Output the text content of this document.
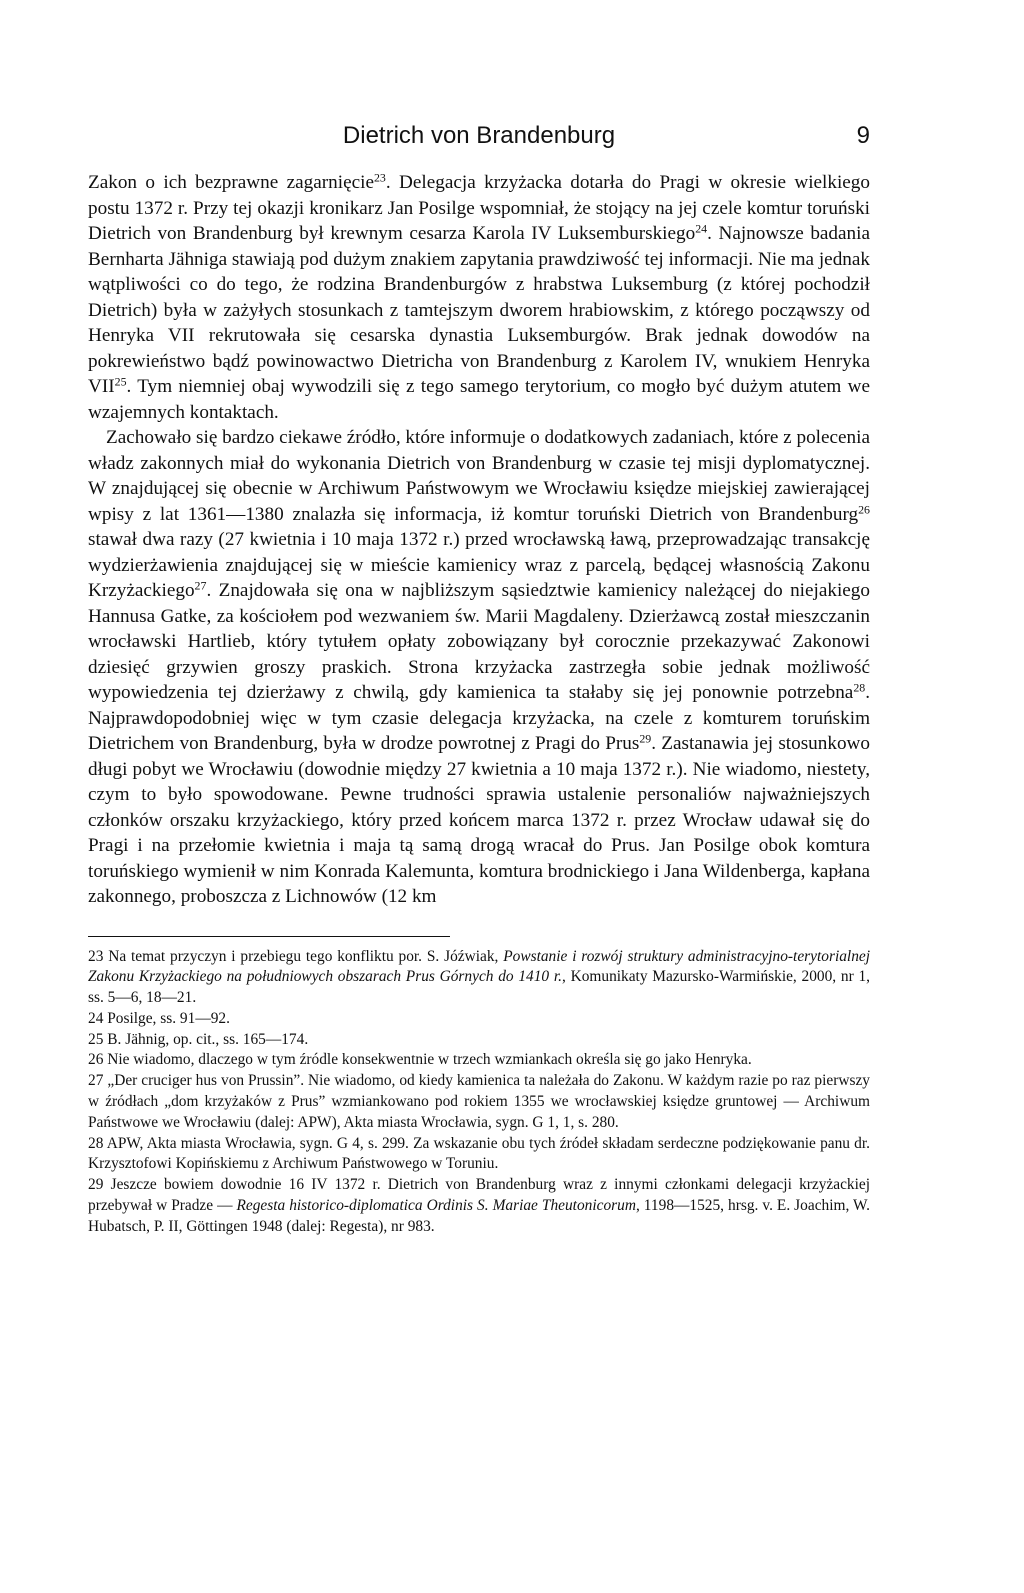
Dietrich von Brandenburg	9

Zakon o ich bezprawne zagarnięcie$^{23}$. Delegacja krzyżacka dotarła do Pragi w okresie wielkiego postu 1372 r. Przy tej okazji kronikarz Jan Posilge wspomniał, że stojący na jej czele komtur toruński Dietrich von Brandenburg był krewnym cesarza Karola IV Luksemburskiego$^{24}$. Najnowsze badania Bernharta Jähniga stawiają pod dużym znakiem zapytania prawdziwość tej informacji. Nie ma jednak wątpliwości co do tego, że rodzina Brandenburgów z hrabstwa Luksemburg (z której pochodził Dietrich) była w zażyłych stosunkach z tamtejszym dworem hrabiowskim, z którego począwszy od Henryka VII rekrutowała się cesarska dynastia Luksemburgów. Brak jednak dowodów na pokrewieństwo bądź powinowactwo Dietricha von Brandenburg z Karolem IV, wnukiem Henryka VII$^{25}$. Tym niemniej obaj wywodzili się z tego samego terytorium, co mogło być dużym atutem we wzajemnych kontaktach.

Zachowało się bardzo ciekawe źródło, które informuje o dodatkowych zadaniach, które z polecenia władz zakonnych miał do wykonania Dietrich von Brandenburg w czasie tej misji dyplomatycznej. W znajdującej się obecnie w Archiwum Państwowym we Wrocławiu księdze miejskiej zawierającej wpisy z lat 1361—1380 znalazła się informacja, iż komtur toruński Dietrich von Brandenburg$^{26}$ stawał dwa razy (27 kwietnia i 10 maja 1372 r.) przed wrocławską ławą, przeprowadzając transakcję wydzierżawienia znajdującej się w mieście kamienicy wraz z parcelą, będącej własnością Zakonu Krzyżackiego$^{27}$. Znajdowała się ona w najbliższym sąsiedztwie kamienicy należącej do niejakiego Hannusa Gatke, za kościołem pod wezwaniem św. Marii Magdaleny. Dzierżawcą został mieszczanin wrocławski Hartlieb, który tytułem opłaty zobowiązany był corocznie przekazywać Zakonowi dziesięć grzywien groszy praskich. Strona krzyżacka zastrzegła sobie jednak możliwość wypowiedzenia tej dzierżawy z chwilą, gdy kamienica ta stałaby się jej ponownie potrzebna$^{28}$. Najprawdopodobniej więc w tym czasie delegacja krzyżacka, na czele z komturem toruńskim Dietrichem von Brandenburg, była w drodze powrotnej z Pragi do Prus$^{29}$. Zastanawia jej stosunkowo długi pobyt we Wrocławiu (dowodnie między 27 kwietnia a 10 maja 1372 r.). Nie wiadomo, niestety, czym to było spowodowane. Pewne trudności sprawia ustalenie personaliów najważniejszych członków orszaku krzyżackiego, który przed końcem marca 1372 r. przez Wrocław udawał się do Pragi i na przełomie kwietnia i maja tą samą drogą wracał do Prus. Jan Posilge obok komtura toruńskiego wymienił w nim Konrada Kalemunta, komtura brodnickiego i Jana Wildenberga, kapłana zakonnego, proboszcza z Lichnowów (12 km

23 Na temat przyczyn i przebiegu tego konfliktu por. S. Jóźwiak, Powstanie i rozwój struktury administracyjno-terytorialnej Zakonu Krzyżackiego na południowych obszarach Prus Górnych do 1410 r., Komunikaty Mazursko-Warmińskie, 2000, nr 1, ss. 5—6, 18—21.

24 Posilge, ss. 91—92.

25 B. Jähnig, op. cit., ss. 165—174.

26 Nie wiadomo, dlaczego w tym źródle konsekwentnie w trzech wzmiankach określa się go jako Henryka.

27 „Der cruciger hus von Prussin”. Nie wiadomo, od kiedy kamienica ta należała do Zakonu. W każdym razie po raz pierwszy w źródłach „dom krzyżaków z Prus” wzmiankowano pod rokiem 1355 we wrocławskiej księdze gruntowej — Archiwum Państwowe we Wrocławiu (dalej: APW), Akta miasta Wrocławia, sygn. G 1, 1, s. 280.

28 APW, Akta miasta Wrocławia, sygn. G 4, s. 299. Za wskazanie obu tych źródeł składam serdeczne podziękowanie panu dr. Krzysztofowi Kopińskiemu z Archiwum Państwowego w Toruniu.

29 Jeszcze bowiem dowodnie 16 IV 1372 r. Dietrich von Brandenburg wraz z innymi członkami delegacji krzyżackiej przebywał w Pradze — Regesta historico-diplomatica Ordinis S. Mariae Theutonicorum, 1198—1525, hrsg. v. E. Joachim, W. Hubatsch, P. II, Göttingen 1948 (dalej: Regesta), nr 983.
